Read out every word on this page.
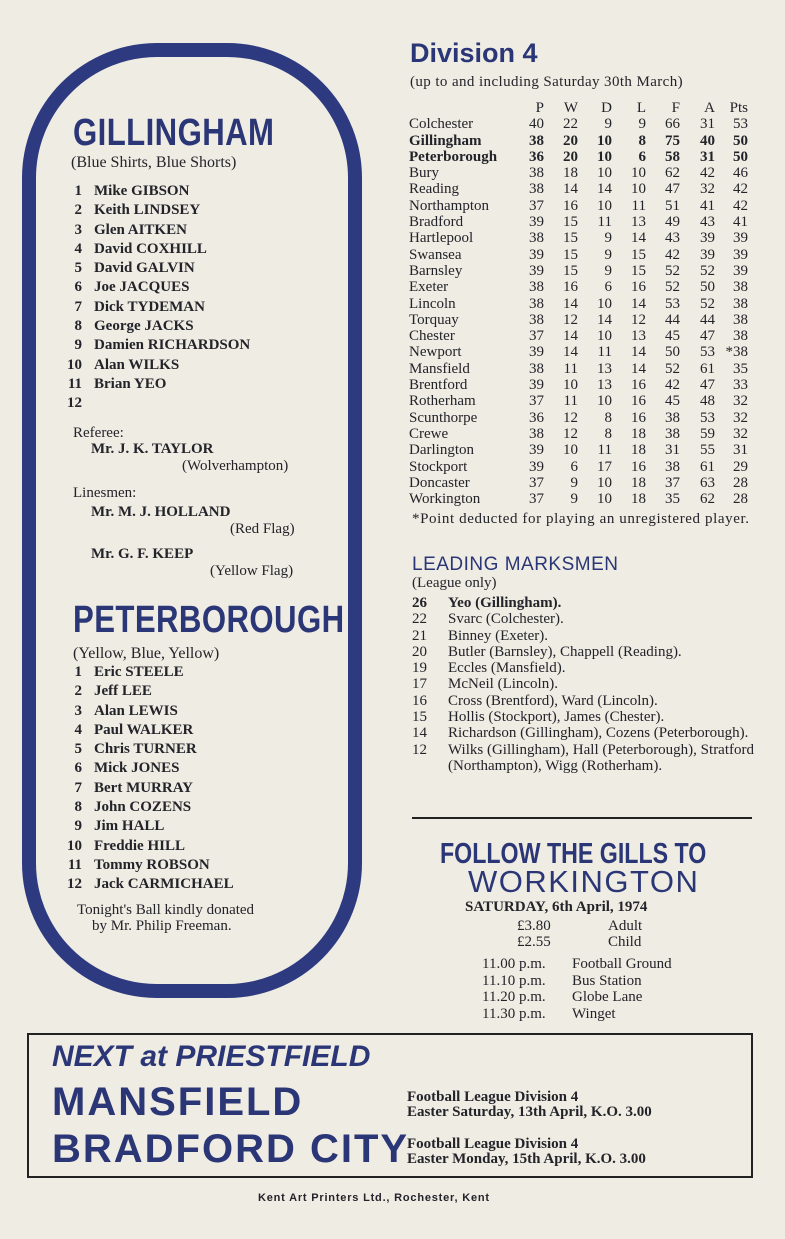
GILLINGHAM
(Blue Shirts, Blue Shorts)
1 Mike GIBSON
2 Keith LINDSEY
3 Glen AITKEN
4 David COXHILL
5 David GALVIN
6 Joe JACQUES
7 Dick TYDEMAN
8 George JACKS
9 Damien RICHARDSON
10 Alan WILKS
11 Brian YEO
12
Referee:
Mr. J. K. TAYLOR
(Wolverhampton)
Linesmen:
Mr. M. J. HOLLAND
(Red Flag)
Mr. G. F. KEEP
(Yellow Flag)
PETERBOROUGH
(Yellow, Blue, Yellow)
1 Eric STEELE
2 Jeff LEE
3 Alan LEWIS
4 Paul WALKER
5 Chris TURNER
6 Mick JONES
7 Bert MURRAY
8 John COZENS
9 Jim HALL
10 Freddie HILL
11 Tommy ROBSON
12 Jack CARMICHAEL
Tonight's Ball kindly donated
by Mr. Philip Freeman.
Division 4
(up to and including Saturday 30th March)
	P	W	D	L	F	A	Pts
Colchester	40	22	9	9	66	31	53
Gillingham	38	20	10	8	75	40	50
Peterborough	36	20	10	6	58	31	50
Bury	38	18	10	10	62	42	46
Reading	38	14	14	10	47	32	42
Northampton	37	16	10	11	51	41	42
Bradford	39	15	11	13	49	43	41
Hartlepool	38	15	9	14	43	39	39
Swansea	39	15	9	15	42	39	39
Barnsley	39	15	9	15	52	52	39
Exeter	38	16	6	16	52	50	38
Lincoln	38	14	10	14	53	52	38
Torquay	38	12	14	12	44	44	38
Chester	37	14	10	13	45	47	38
Newport	39	14	11	14	50	53	*38
Mansfield	38	11	13	14	52	61	35
Brentford	39	10	13	16	42	47	33
Rotherham	37	11	10	16	45	48	32
Scunthorpe	36	12	8	16	38	53	32
Crewe	38	12	8	18	38	59	32
Darlington	39	10	11	18	31	55	31
Stockport	39	6	17	16	38	61	29
Doncaster	37	9	10	18	37	63	28
Workington	37	9	10	18	35	62	28
*Point deducted for playing an unregistered player.
LEADING MARKSMEN
(League only)
26	Yeo (Gillingham).
22	Svarc (Colchester).
21	Binney (Exeter).
20	Butler (Barnsley), Chappell (Reading).
19	Eccles (Mansfield).
17	McNeil (Lincoln).
16	Cross (Brentford), Ward (Lincoln).
15	Hollis (Stockport), James (Chester).
14	Richardson (Gillingham), Cozens (Peterborough).
12	Wilks (Gillingham), Hall (Peterborough), Stratford (Northampton), Wigg (Rotherham).
FOLLOW THE GILLS TO
WORKINGTON
SATURDAY, 6th April, 1974
£3.80	Adult
£2.55	Child
11.00 p.m. Football Ground
11.10 p.m. Bus Station
11.20 p.m. Globe Lane
11.30 p.m. Winget
NEXT at PRIESTFIELD
MANSFIELD	Football League Division 4
Easter Saturday, 13th April, K.O. 3.00
BRADFORD CITY
Football League Division 4
Easter Monday, 15th April, K.O. 3.00
Kent Art Printers Ltd., Rochester, Kent
